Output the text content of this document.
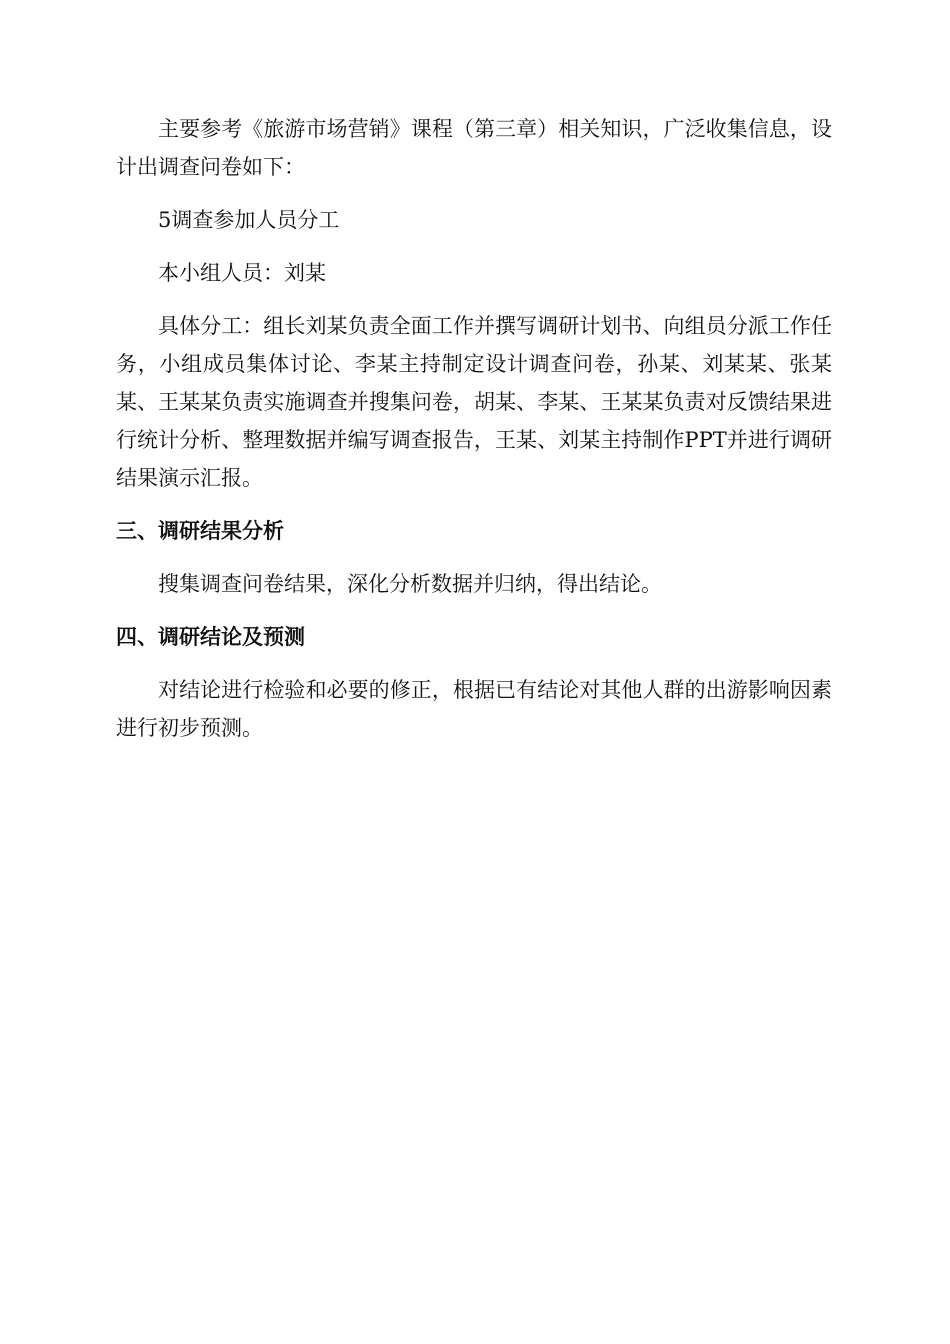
主要参考《旅游市场营销》课程（第三章）相关知识，广泛收集信息，设计出调查问卷如下：

5调查参加人员分工

本小组人员：刘某

具体分工：组长刘某负责全面工作并撰写调研计划书、向组员分派工作任务，小组成员集体讨论、李某主持制定设计调查问卷，孙某、刘某某、张某某、王某某负责实施调查并搜集问卷，胡某、李某、王某某负责对反馈结果进行统计分析、整理数据并编写调查报告，王某、刘某主持制作PPT并进行调研结果演示汇报。

三、调研结果分析

搜集调查问卷结果，深化分析数据并归纳，得出结论。

四、调研结论及预测

对结论进行检验和必要的修正，根据已有结论对其他人群的出游影响因素进行初步预测。
